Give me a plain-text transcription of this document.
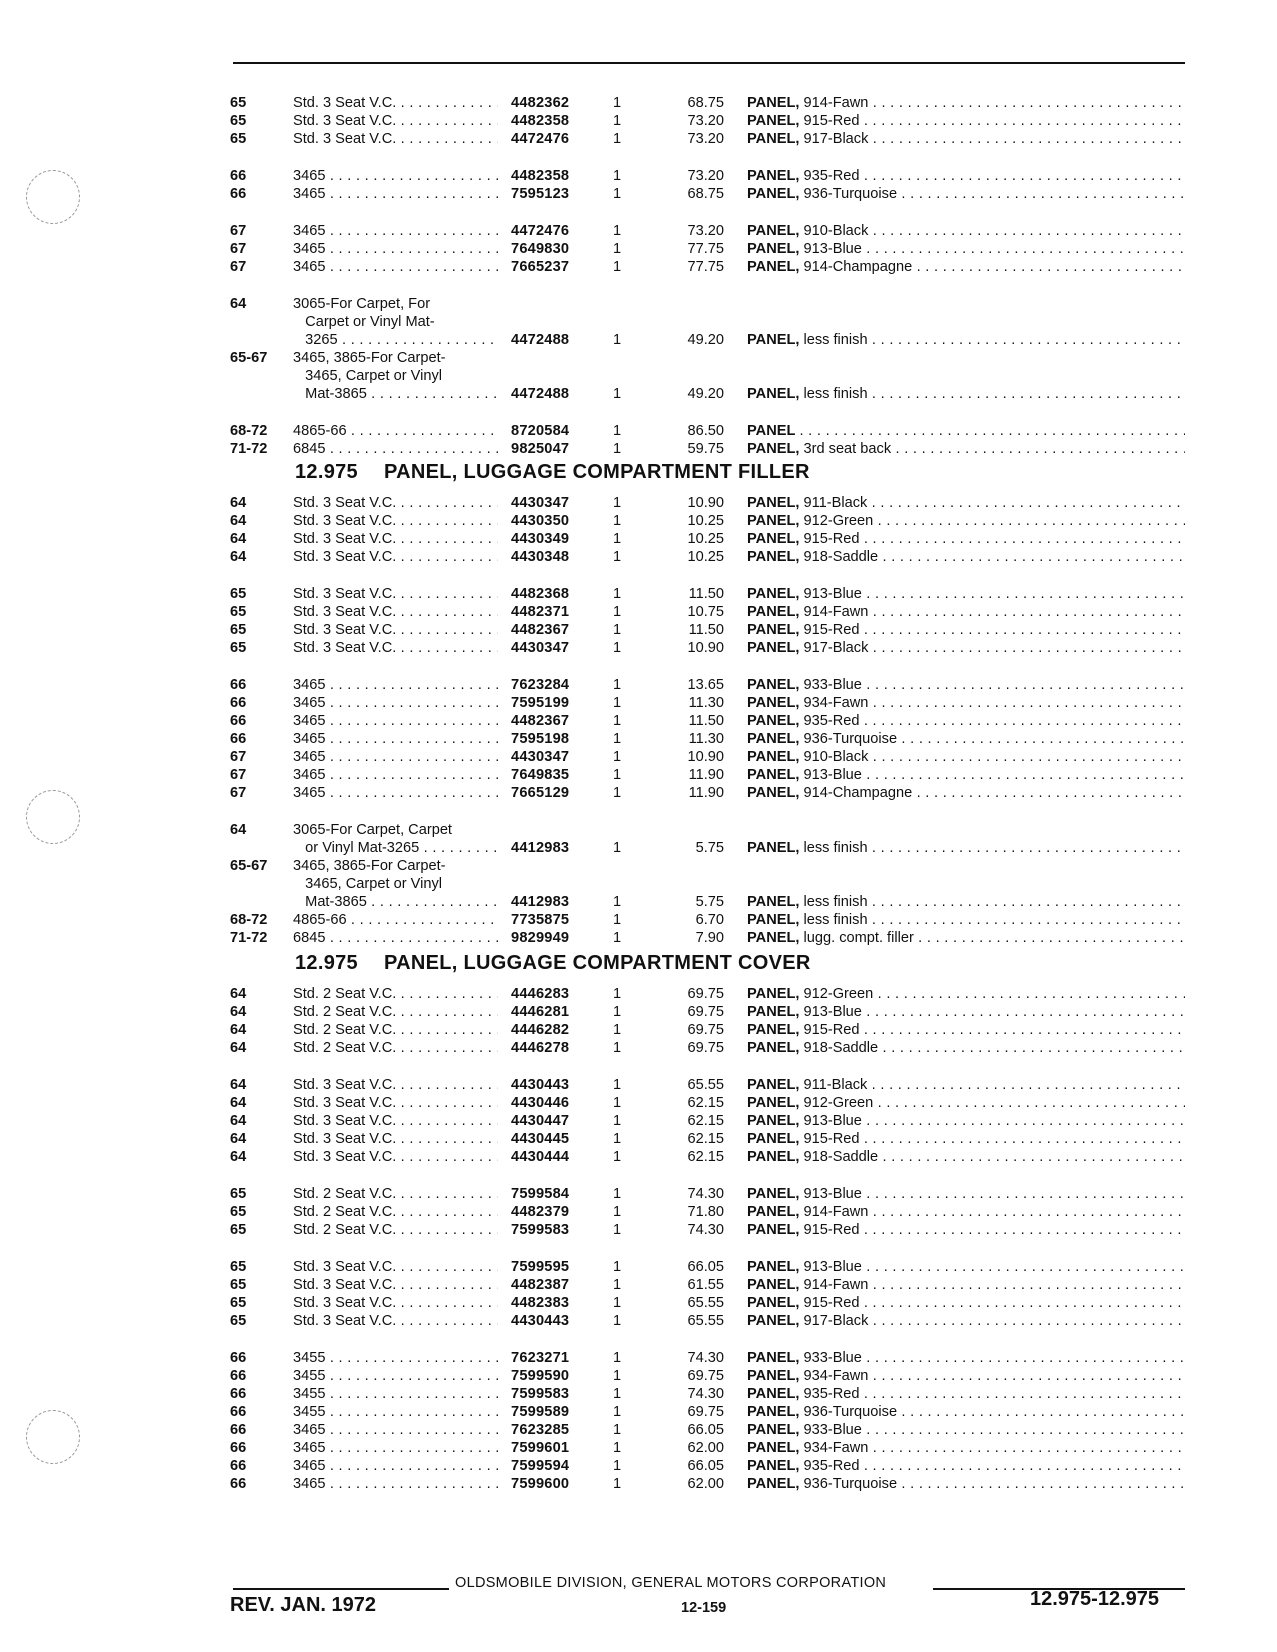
65	Std. 3 Seat V.C. . . .	4482362	1	68.75 PANEL, 914-Fawn . . .
65	Std. 3 Seat V.C. . . .	4482358	1	73.20 PANEL, 915-Red . . .
65	Std. 3 Seat V.C. . . .	4472476	1	73.20 PANEL, 917-Black . . .
66	3465 . . .	4482358	1	73.20 PANEL, 935-Red . . .
66	3465 . . .	7595123	1	68.75 PANEL, 936-Turquoise . . .
67	3465 . . .	4472476	1	73.20 PANEL, 910-Black . . .
67	3465 . . .	7649830	1	77.75 PANEL, 913-Blue . . .
67	3465 . . .	7665237	1	77.75 PANEL, 914-Champagne . . .
64	3065-For Carpet, For
Carpet or Vinyl Mat-
3265 . . .	4472488	1	49.20 PANEL, less finish . . .
65-67 3465, 3865-For Carpet-
3465, Carpet or Vinyl
Mat-3865 . . .	4472488	1	49.20 PANEL, less finish . . .
68-72 4865-66 . . .	8720584	1	86.50 PANEL . . .
71-72 6845 . . .	9825047	1	59.75 PANEL, 3rd seat back . . .
12.975 PANEL, LUGGAGE COMPARTMENT FILLER
64	Std. 3 Seat V.C. . . .	4430347	1	10.90 PANEL, 911-Black . . .
64	Std. 3 Seat V.C. . . .	4430350	1	10.25 PANEL, 912-Green . . .
64	Std. 3 Seat V.C. . . .	4430349	1	10.25 PANEL, 915-Red . . .
64	Std. 3 Seat V.C. . . .	4430348	1	10.25 PANEL, 918-Saddle . . .
65	Std. 3 Seat V.C. . . .	4482368	1	11.50 PANEL, 913-Blue . . .
65	Std. 3 Seat V.C. . . .	4482371	1	10.75 PANEL, 914-Fawn . . .
65	Std. 3 Seat V.C. . . .	4482367	1	11.50 PANEL, 915-Red . . .
65	Std. 3 Seat V.C. . . .	4430347	1	10.90 PANEL, 917-Black . . .
66	3465 . . .	7623284	1	13.65 PANEL, 933-Blue . . .
66	3465 . . .	7595199	1	11.30 PANEL, 934-Fawn . . .
66	3465 . . .	4482367	1	11.50 PANEL, 935-Red . . .
66	3465 . . .	7595198	1	11.30 PANEL, 936-Turquoise . . .
67	3465 . . .	4430347	1	10.90 PANEL, 910-Black . . .
67	3465 . . .	7649835	1	11.90 PANEL, 913-Blue . . .
67	3465 . . .	7665129	1	11.90 PANEL, 914-Champagne . . .
64	3065-For Carpet, Carpet
or Vinyl Mat-3265 . . .	4412983	1	5.75 PANEL, less finish . . .
65-67 3465, 3865-For Carpet-
3465, Carpet or Vinyl
Mat-3865 . . .	4412983	1	5.75 PANEL, less finish . . .
68-72 4865-66 . . .	7735875	1	6.70 PANEL, less finish . . .
71-72 6845 . . .	9829949	1	7.90 PANEL, lugg. compt. filler . . .
12.975 PANEL, LUGGAGE COMPARTMENT COVER
64	Std. 2 Seat V.C. . . .	4446283	1	69.75 PANEL, 912-Green . . .
64	Std. 2 Seat V.C. . . .	4446281	1	69.75 PANEL, 913-Blue . . .
64	Std. 2 Seat V.C. . . .	4446282	1	69.75 PANEL, 915-Red . . .
64	Std. 2 Seat V.C. . . .	4446278	1	69.75 PANEL, 918-Saddle . . .
64	Std. 3 Seat V.C. . . .	4430443	1	65.55 PANEL, 911-Black . . .
64	Std. 3 Seat V.C. . . .	4430446	1	62.15 PANEL, 912-Green . . .
64	Std. 3 Seat V.C. . . .	4430447	1	62.15 PANEL, 913-Blue . . .
64	Std. 3 Seat V.C. . . .	4430445	1	62.15 PANEL, 915-Red . . .
64	Std. 3 Seat V.C. . . .	4430444	1	62.15 PANEL, 918-Saddle . . .
65	Std. 2 Seat V.C. . . .	7599584	1	74.30 PANEL, 913-Blue . . .
65	Std. 2 Seat V.C. . . .	4482379	1	71.80 PANEL, 914-Fawn . . .
65	Std. 2 Seat V.C. . . .	7599583	1	74.30 PANEL, 915-Red . . .
65	Std. 3 Seat V.C. . . .	7599595	1	66.05 PANEL, 913-Blue . . .
65	Std. 3 Seat V.C. . . .	4482387	1	61.55 PANEL, 914-Fawn . . .
65	Std. 3 Seat V.C. . . .	4482383	1	65.55 PANEL, 915-Red . . .
65	Std. 3 Seat V.C. . . .	4430443	1	65.55 PANEL, 917-Black . . .
66	3455 . . .	7623271	1	74.30 PANEL, 933-Blue . . .
66	3455 . . .	7599590	1	69.75 PANEL, 934-Fawn . . .
66	3455 . . .	7599583	1	74.30 PANEL, 935-Red . . .
66	3455 . . .	7599589	1	69.75 PANEL, 936-Turquoise . . .
66	3465 . . .	7623285	1	66.05 PANEL, 933-Blue . . .
66	3465 . . .	7599601	1	62.00 PANEL, 934-Fawn . . .
66	3465 . . .	7599594	1	66.05 PANEL, 935-Red . . .
66	3465 . . .	7599600	1	62.00 PANEL, 936-Turquoise . . .
OLDSMOBILE DIVISION, GENERAL MOTORS CORPORATION
REV. JAN. 1972	12-159	12.975-12.975
